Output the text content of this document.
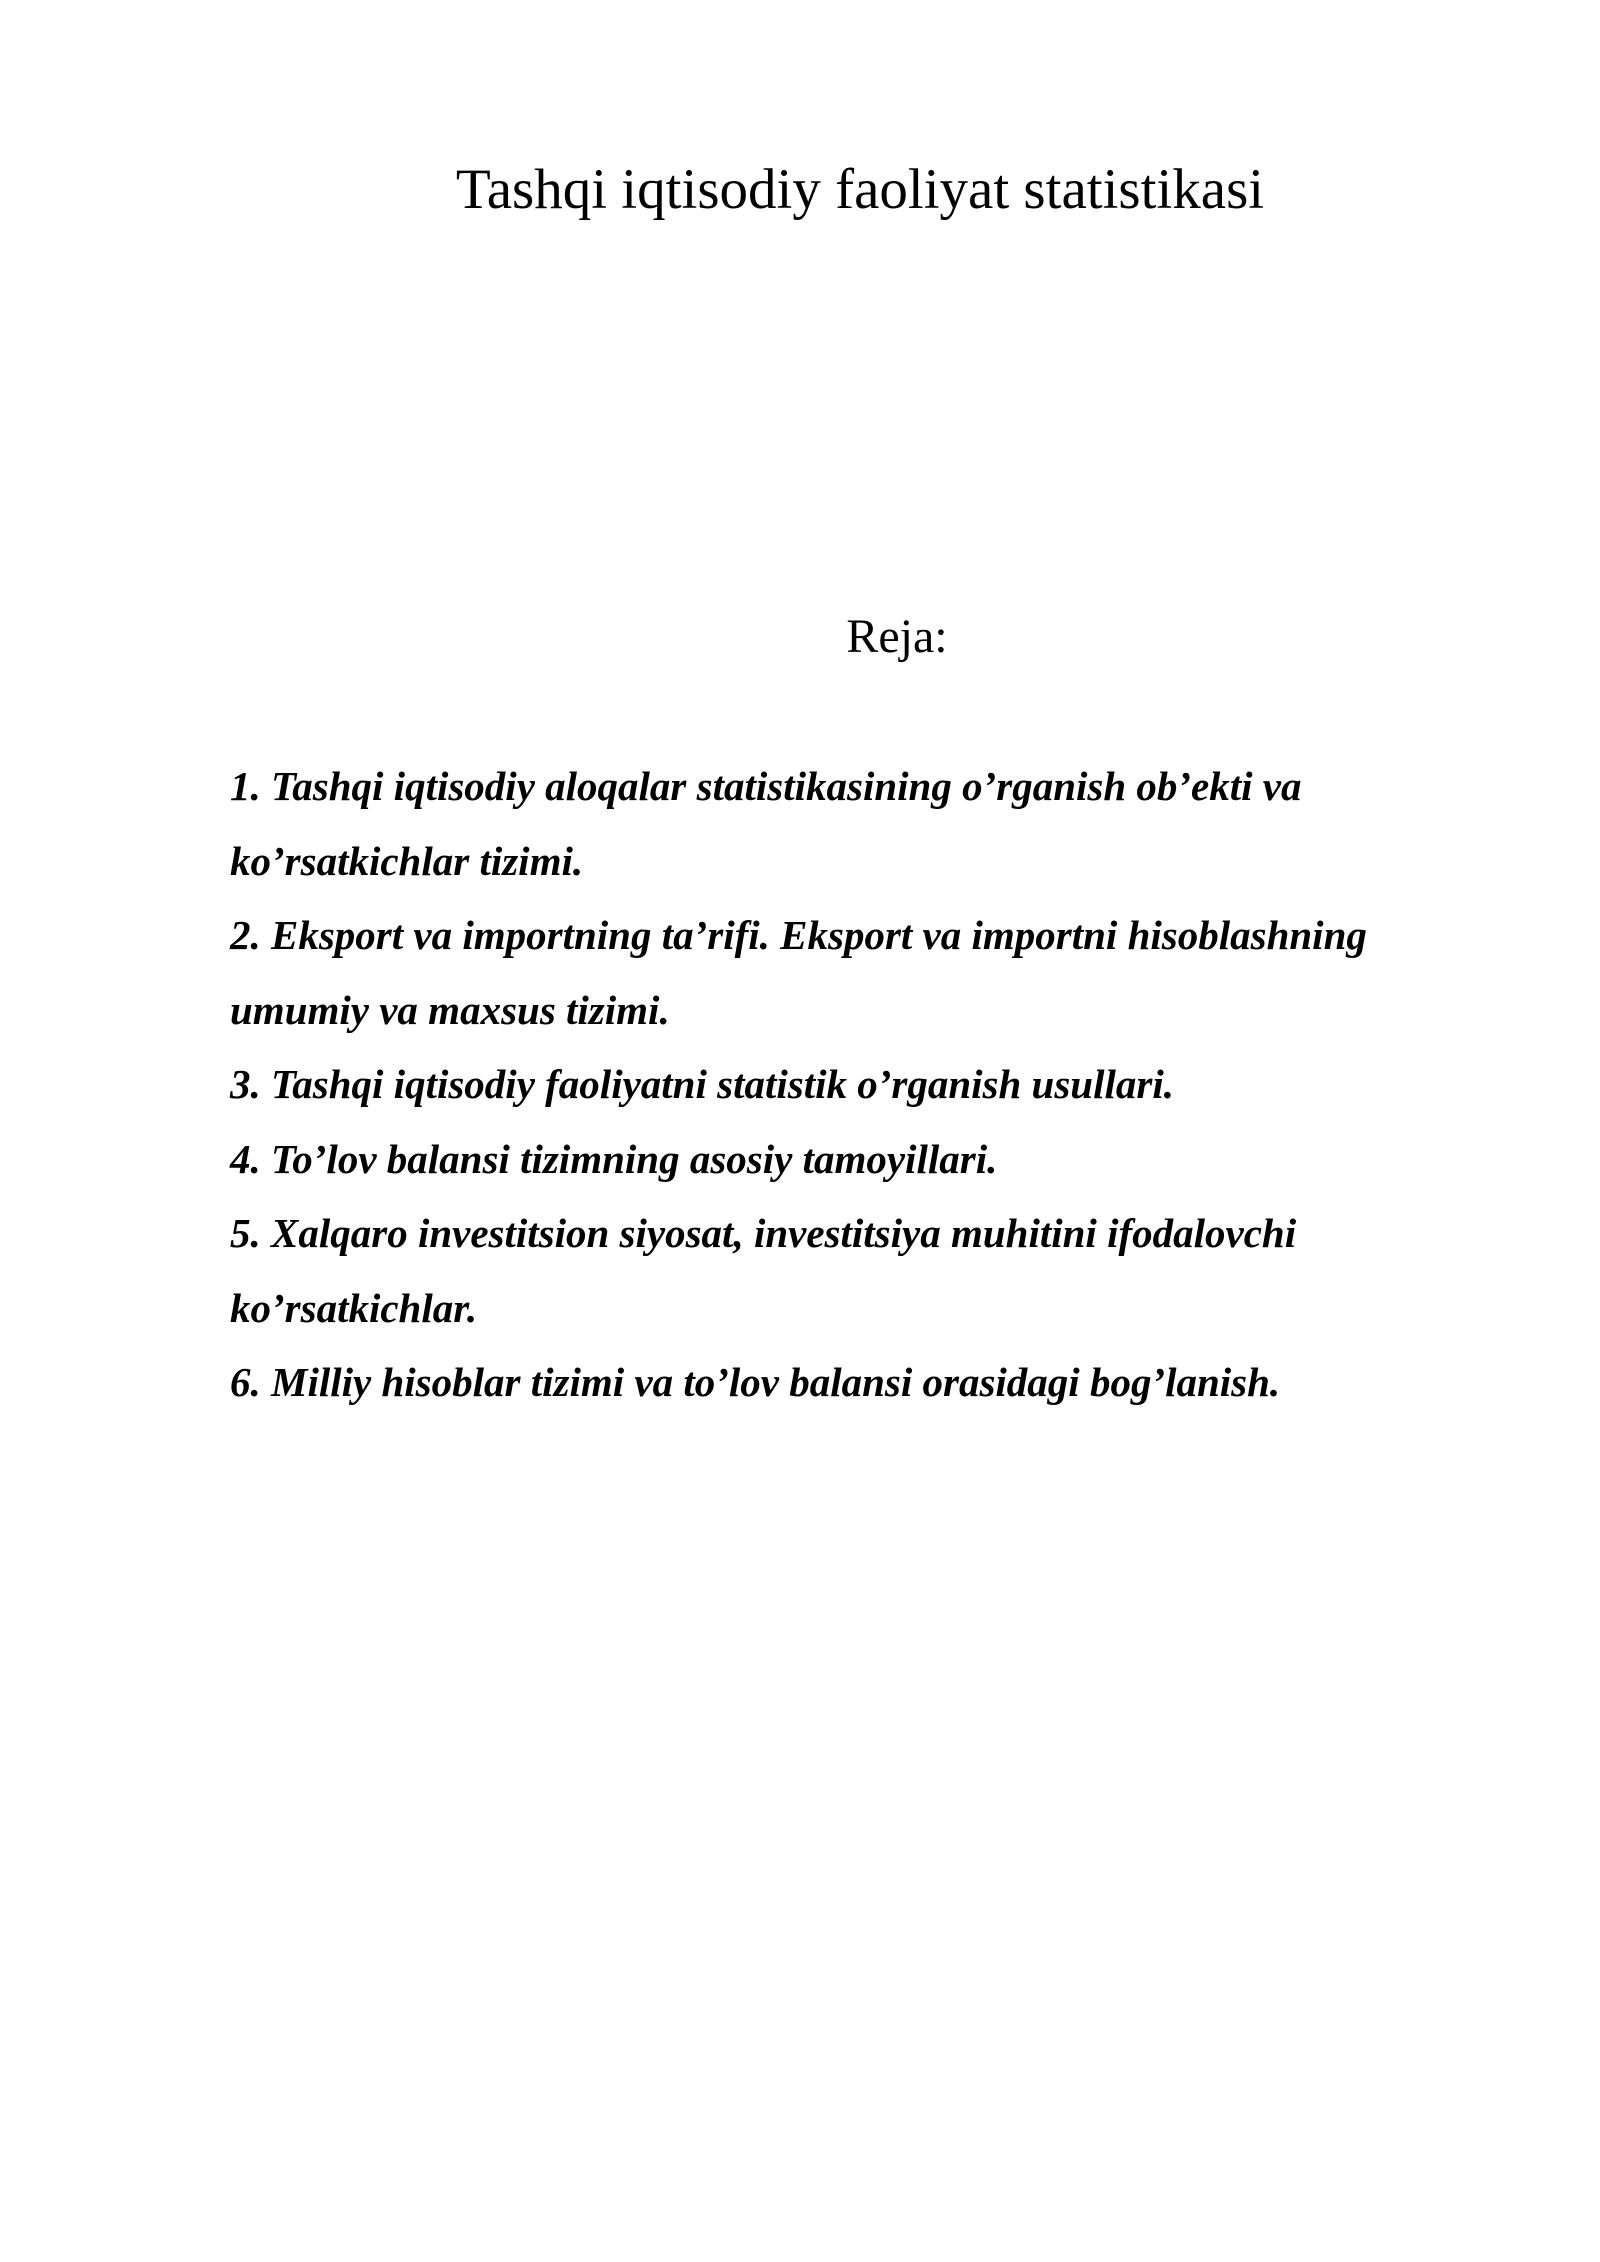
Tashqi iqtisodiy faoliyat statistikasi
Reja:
1. Tashqi iqtisodiy aloqalar statistikasining o’rganish ob’ekti va ko’rsatkichlar tizimi.
2. Eksport va importning ta’rifi. Eksport va importni hisoblashning umumiy va maxsus tizimi.
3. Tashqi iqtisodiy faoliyatni statistik o’rganish usullari.
4. To’lov balansi tizimning asosiy tamoyillari.
5. Xalqaro investitsion siyosat, investitsiya muhitini ifodalovchi ko’rsatkichlar.
6. Milliy hisoblar tizimi va to’lov balansi orasidagi bog’lanish.
